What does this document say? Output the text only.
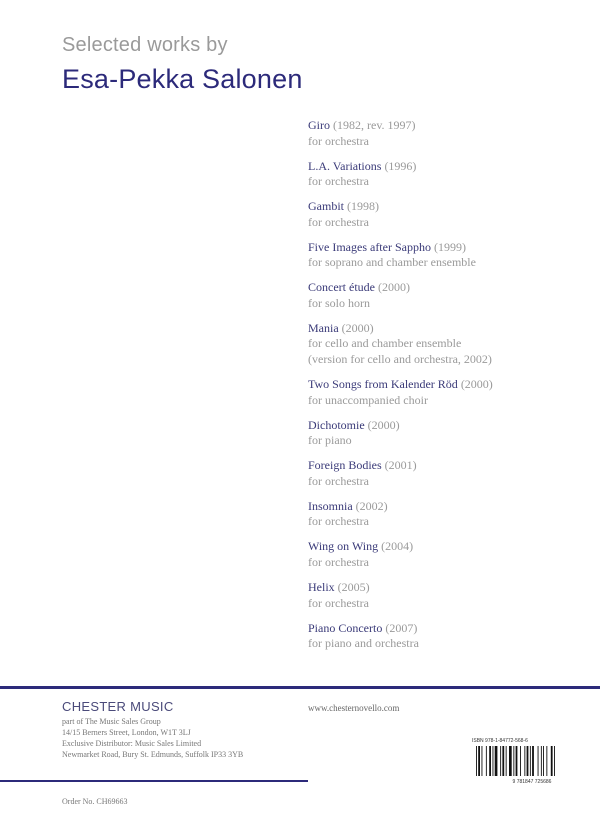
Selected works by
Esa-Pekka Salonen
Giro (1982, rev. 1997)
for orchestra
L.A. Variations (1996)
for orchestra
Gambit (1998)
for orchestra
Five Images after Sappho (1999)
for soprano and chamber ensemble
Concert étude (2000)
for solo horn
Mania (2000)
for cello and chamber ensemble
(version for cello and orchestra, 2002)
Two Songs from Kalender Röd (2000)
for unaccompanied choir
Dichotomie (2000)
for piano
Foreign Bodies (2001)
for orchestra
Insomnia (2002)
for orchestra
Wing on Wing (2004)
for orchestra
Helix (2005)
for orchestra
Piano Concerto (2007)
for piano and orchestra
CHESTER MUSIC
part of The Music Sales Group
14/15 Berners Street, London, W1T 3LJ
Exclusive Distributor: Music Sales Limited
Newmarket Road, Bury St. Edmunds, Suffolk IP33 3YB
www.chesternovello.com
ISBN 978-1-84772-568-6
9 781847 725686
Order No. CH69663
